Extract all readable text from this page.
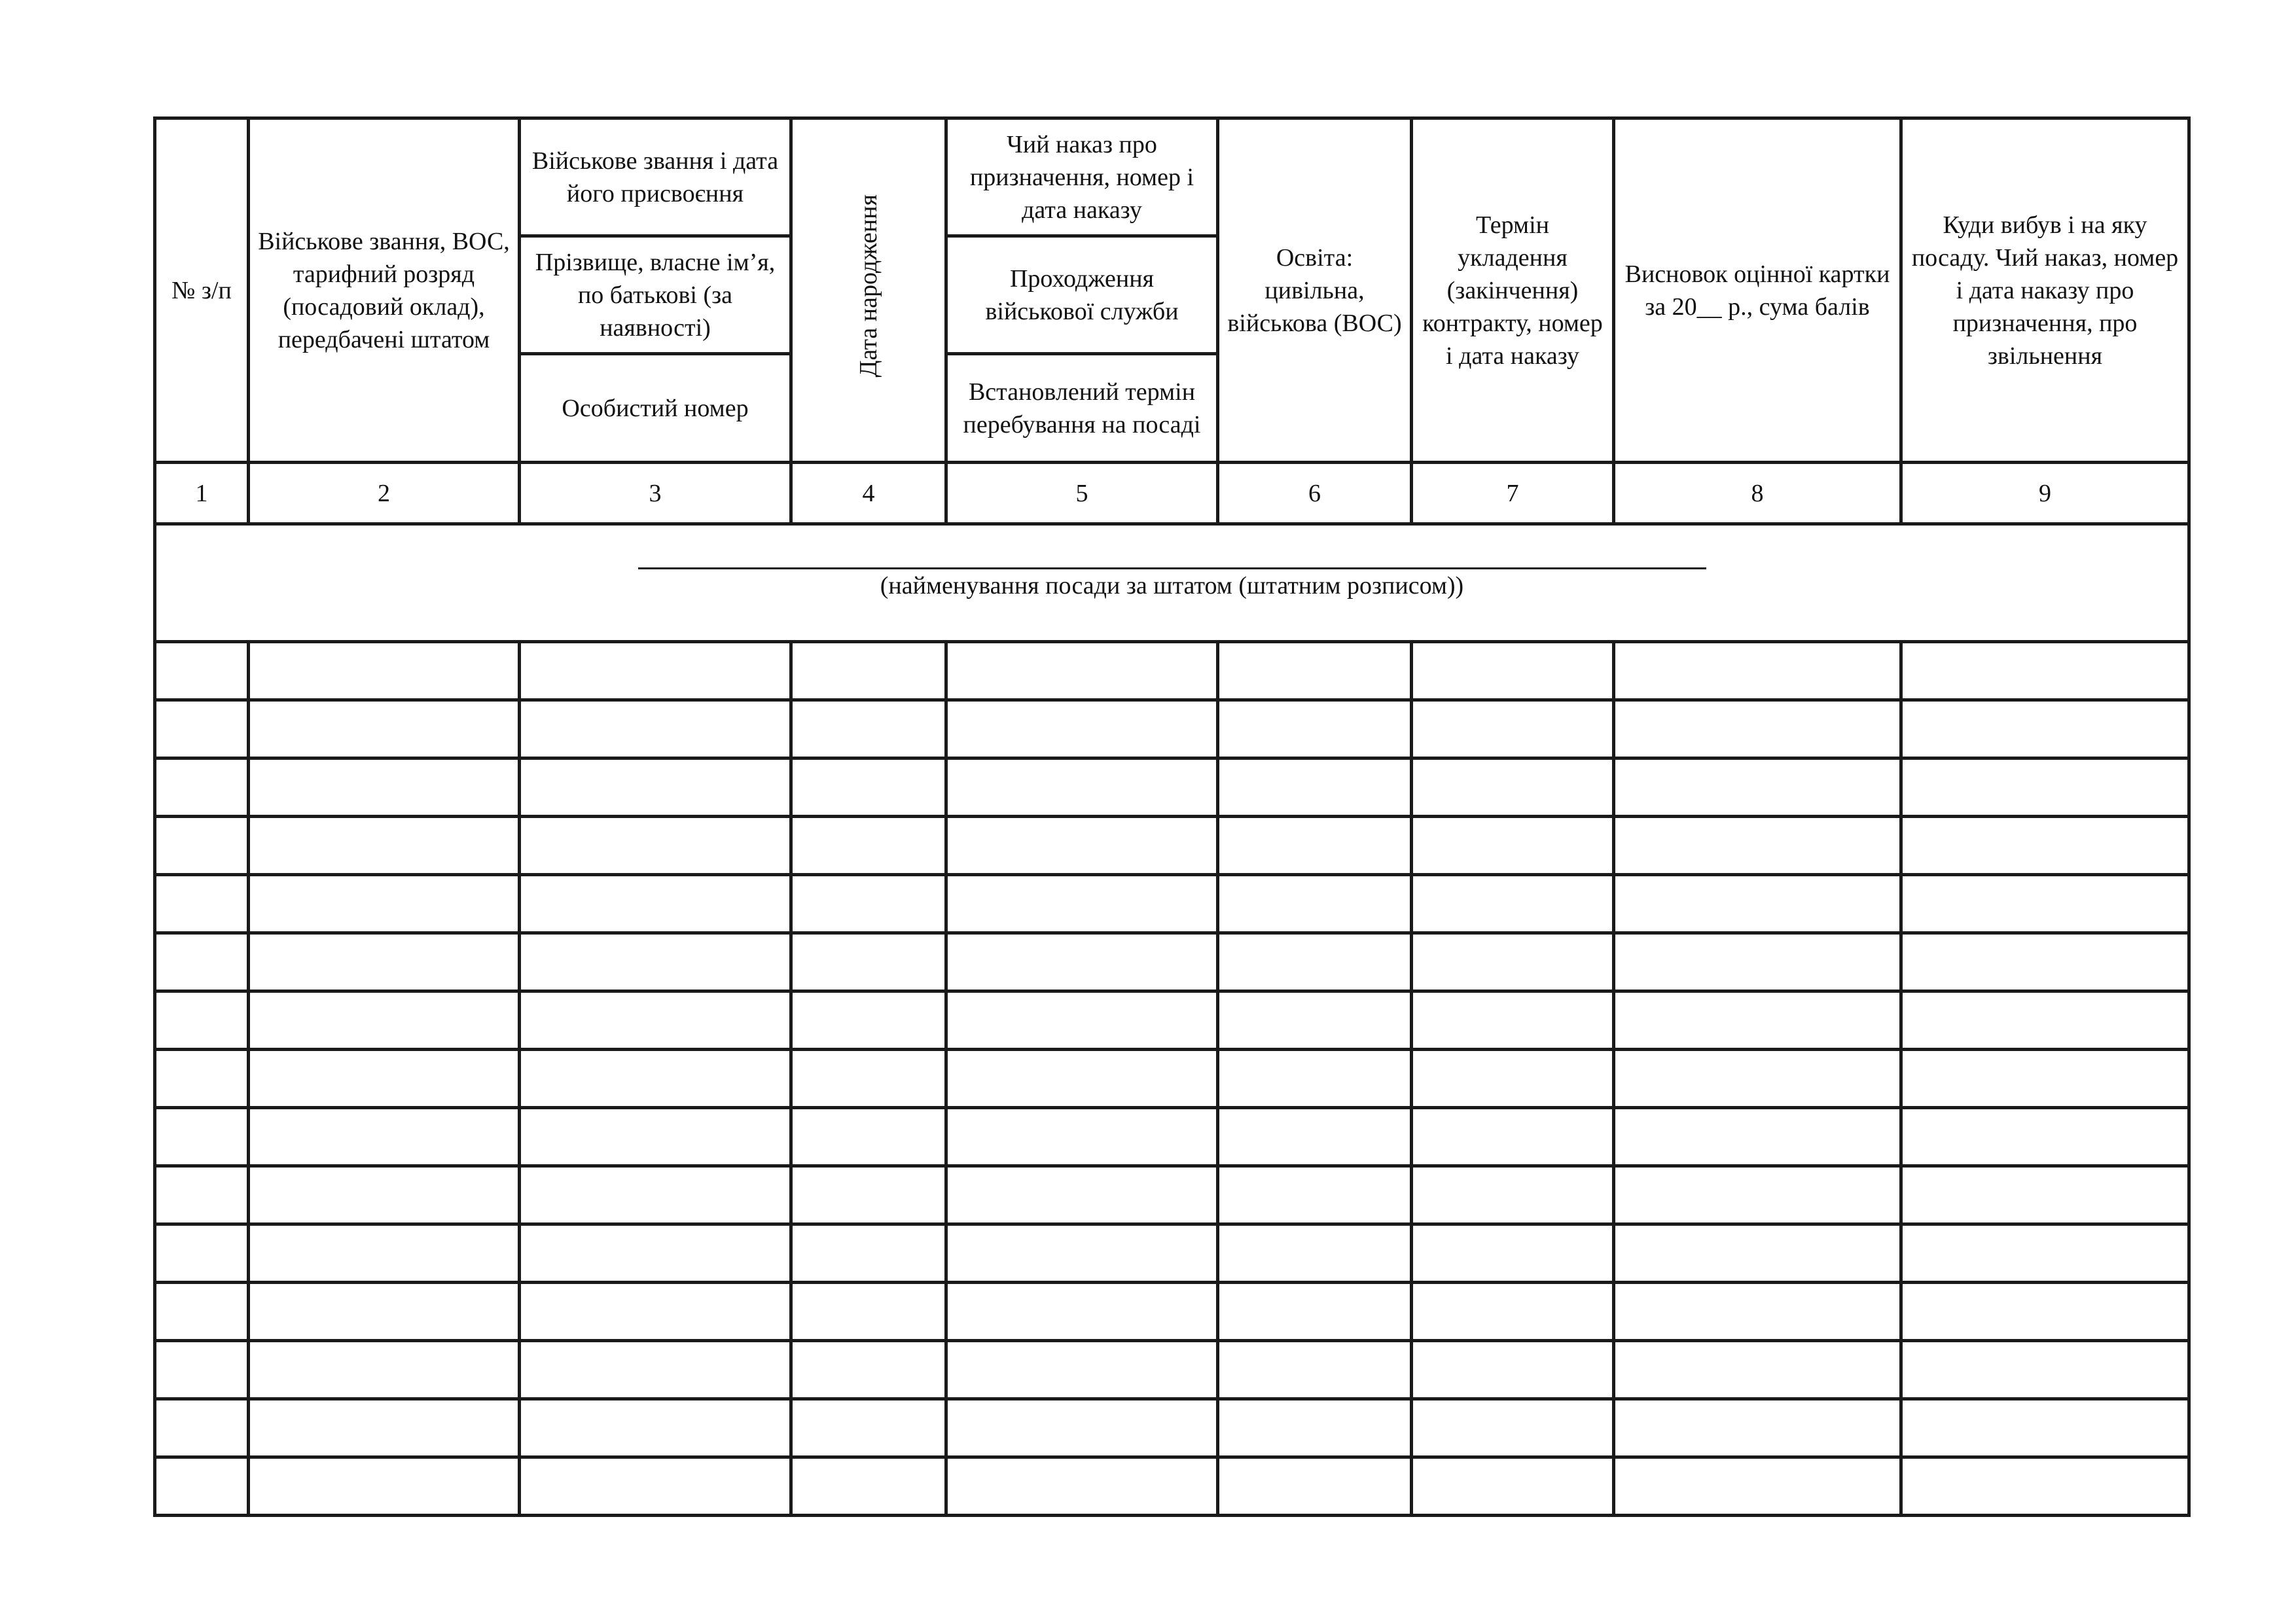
№ з/п	Військове звання, ВОС, тарифний розряд (посадовий оклад), передбачені штатом	Військове звання і дата його присвоєння	Дата народження	Чий наказ про призначення, номер і дата наказу	Освіта: цивільна, військова (ВОС)	Термін укладення (закінчення) контракту, номер і дата наказу	Висновок оцінної картки за 20__ р., сума балів	Куди вибув і на яку посаду. Чий наказ, номер і дата наказу про призначення, про звільнення
		Прізвище, власне ім’я, по батькові (за наявності)		Проходження військової служби				
		Особистий номер		Встановлений термін перебування на посаді				
1	2	3	4	5	6	7	8	9

(найменування посади за штатом (штатним розписом))								
